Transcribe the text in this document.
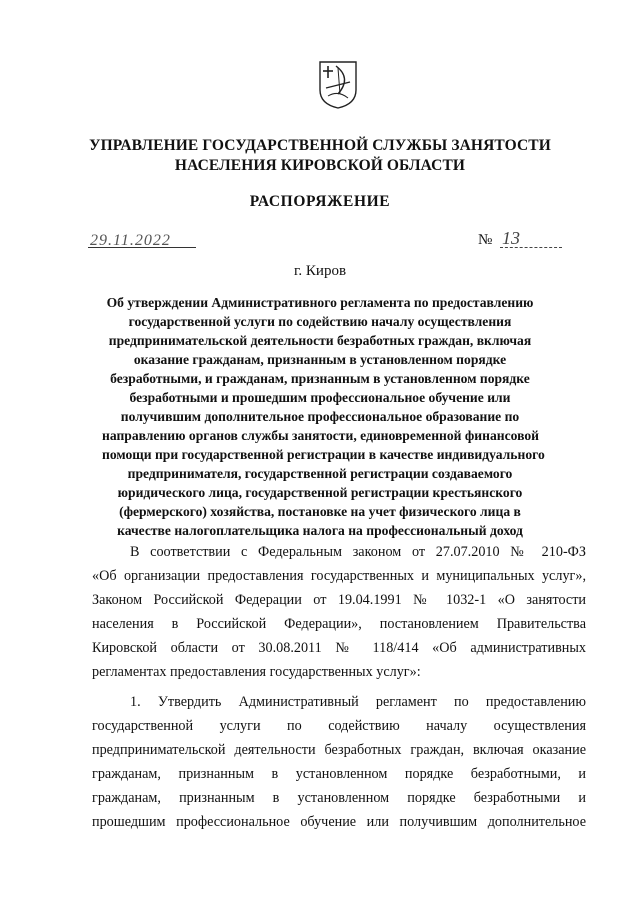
УПРАВЛЕНИЕ ГОСУДАРСТВЕННОЙ СЛУЖБЫ ЗАНЯТОСТИ
НАСЕЛЕНИЯ КИРОВСКОЙ ОБЛАСТИ
РАСПОРЯЖЕНИЕ
29.11.2022	№ 13
г. Киров
Об утверждении Административного регламента по предоставлению
государственной услуги по содействию началу осуществления
предпринимательской деятельности безработных граждан, включая
оказание гражданам, признанным в установленном порядке
безработными, и гражданам, признанным в установленном порядке
безработными и прошедшим профессиональное обучение или
получившим дополнительное профессиональное образование по
направлению органов службы занятости, единовременной финансовой
помощи при государственной регистрации в качестве индивидуального
предпринимателя, государственной регистрации создаваемого
юридического лица, государственной регистрации крестьянского
(фермерского) хозяйства, постановке на учет физического лица в
качестве налогоплательщика налога на профессиональный доход
В соответствии с Федеральным законом от 27.07.2010 № 210-ФЗ
«Об организации предоставления государственных и муниципальных услуг»,
Законом Российской Федерации от 19.04.1991 № 1032-1 «О занятости
населения в Российской Федерации», постановлением Правительства
Кировской области от 30.08.2011 № 118/414 «Об административных
регламентах предоставления государственных услуг»:
1. Утвердить Административный регламент по предоставлению
государственной услуги по содействию началу осуществления
предпринимательской деятельности безработных граждан, включая оказание
гражданам, признанным в установленном порядке безработными, и
гражданам, признанным в установленном порядке безработными и
прошедшим профессиональное обучение или получившим дополнительное
